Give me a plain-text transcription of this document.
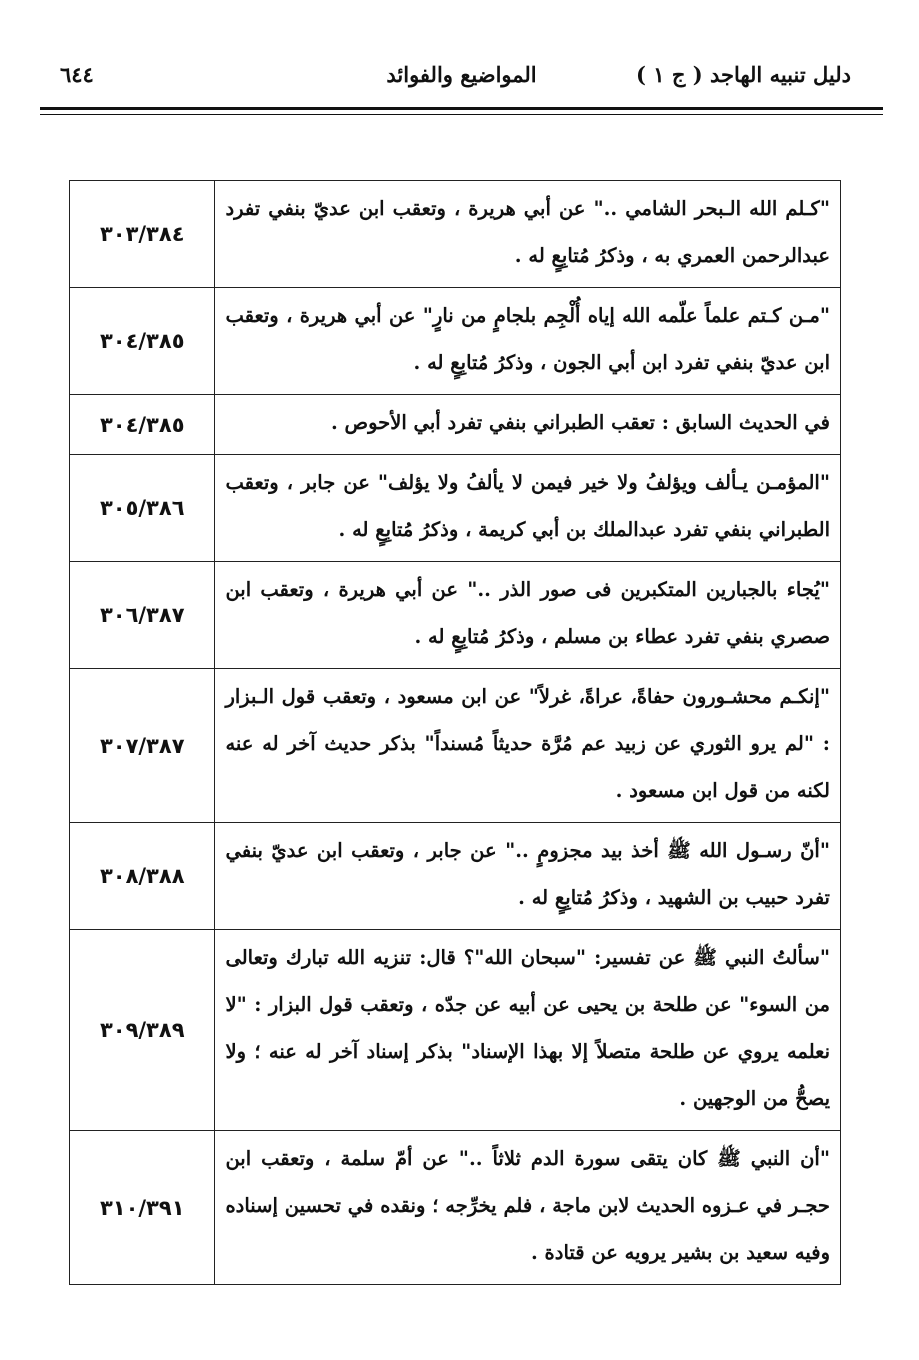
دليل تنبيه الهاجد ( ج ١ )
المواضيع والفوائد
٦٤٤
"كـلم الله الـبحر الشامي .." عن أبي هريرة ، وتعقب ابن عديّ بنفي تفرد عبدالرحمن العمري به ، وذكرُ مُتابِعٍ له .	٣٠٣/٣٨٤
"مـن كـتم علماً علّمه الله إياه أُلْجِم بلجامٍ من نارٍ" عن أبي هريرة ، وتعقب ابن عديّ بنفي تفرد ابن أبي الجون ، وذكرُ مُتابِعٍ له .	٣٠٤/٣٨٥
في الحديث السابق : تعقب الطبراني بنفي تفرد أبي الأحوص .	٣٠٤/٣٨٥
"المؤمـن يـألف ويؤلفُ ولا خير فيمن لا يألفُ ولا يؤلف" عن جابر ، وتعقب الطبراني بنفي تفرد عبدالملك بن أبي كريمة ، وذكرُ مُتابِعٍ له .	٣٠٥/٣٨٦
"يُجاء بالجبارين المتكبرين فى صور الذر .." عن أبي هريرة ، وتعقب ابن صصري بنفي تفرد عطاء بن مسلم ، وذكرُ مُتابِعٍ له .	٣٠٦/٣٨٧
"إنكـم محشـورون حفاةً، عراةً، غرلاً" عن ابن مسعود ، وتعقب قول الـبزار : "لم يرو الثوري عن زبيد عم مُرَّة حديثاً مُسنداً" بذكر حديث آخر له عنه لكنه من قول ابن مسعود .	٣٠٧/٣٨٧
"أنّ رسـول الله ﷺ أخذ بيد مجزومٍ .." عن جابر ، وتعقب ابن عديّ بنفي تفرد حبيب بن الشهيد ، وذكرُ مُتابِعٍ له .	٣٠٨/٣٨٨
"سألتُ النبي ﷺ عن تفسير: "سبحان الله"؟ قال: تنزيه الله تبارك وتعالى من السوء" عن طلحة بن يحيى عن أبيه عن جدّه ، وتعقب قول البزار : "لا نعلمه يروي عن طلحة متصلاً إلا بهذا الإسناد" بذكر إسناد آخر له عنه ؛ ولا يصحُّ من الوجهين .	٣٠٩/٣٨٩
"أن النبي ﷺ كان يتقى سورة الدم ثلاثاً .." عن أمّ سلمة ، وتعقب ابن حجـر في عـزوه الحديث لابن ماجة ، فلم يخرِّجه ؛ ونقده في تحسين إسناده وفيه سعيد بن بشير يرويه عن قتادة .	٣١٠/٣٩١
